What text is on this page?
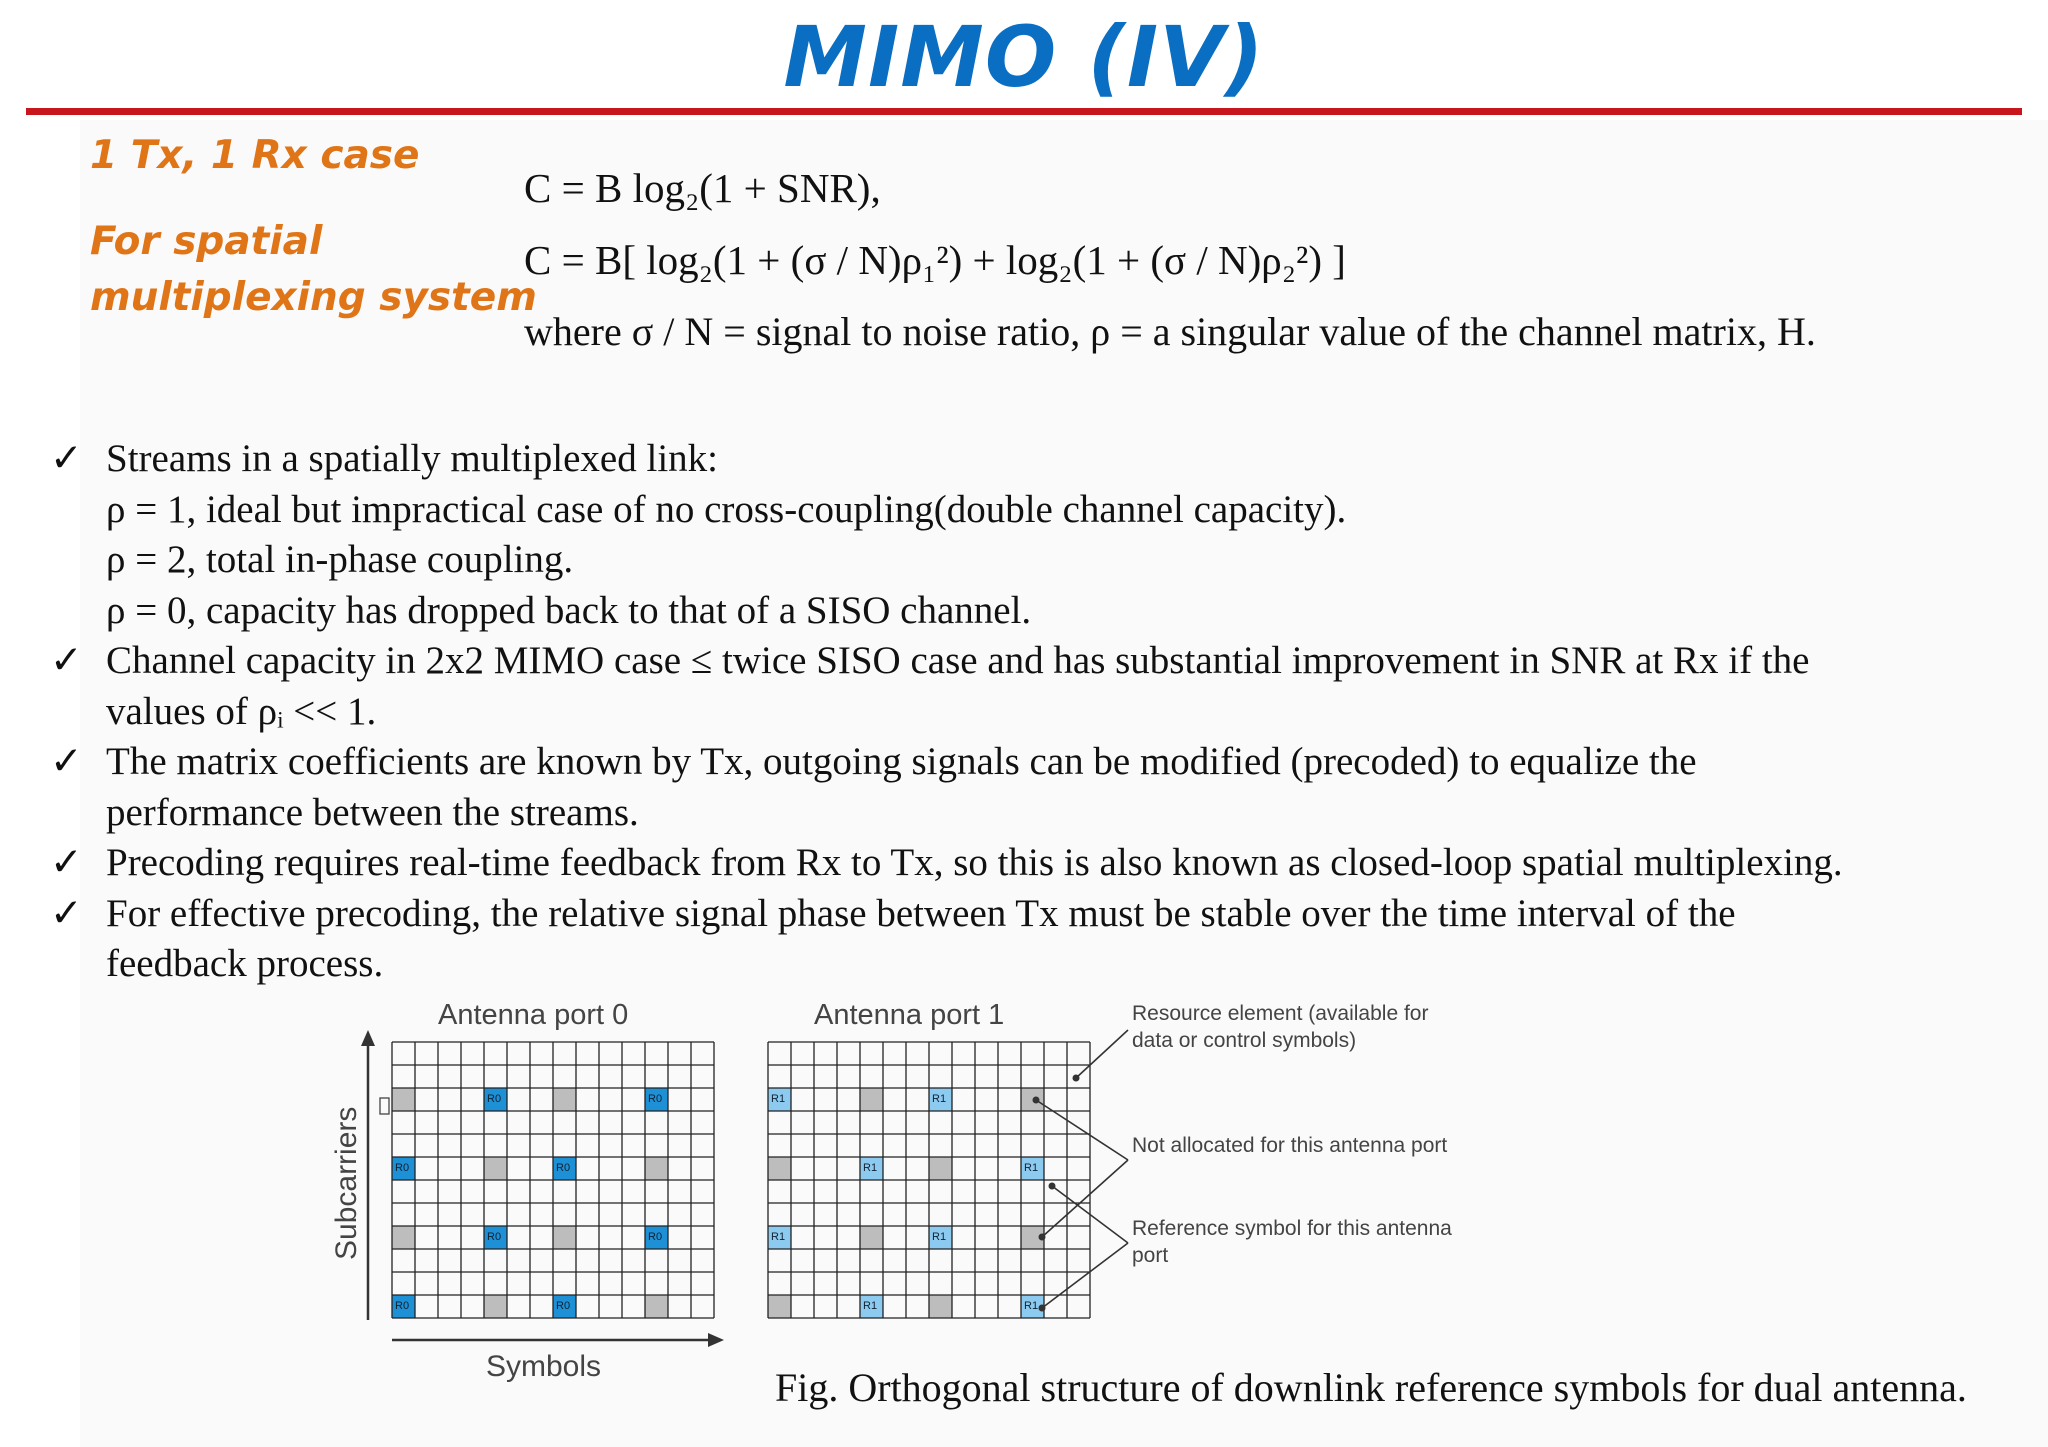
MIMO (IV)
1 Tx, 1 Rx case
For spatial
multiplexing system
C = B log₂(1 + SNR),
C = B[ log₂(1 + (σ / N)ρ₁²) + log₂(1 + (σ / N)ρ₂²) ]
where σ / N = signal to noise ratio, ρ = a singular value of the channel matrix, H.
✓ Streams in a spatially multiplexed link:
ρ = 1, ideal but impractical case of no cross-coupling(double channel capacity).
ρ = 2, total in-phase coupling.
ρ = 0, capacity has dropped back to that of a SISO channel.
✓ Channel capacity in 2x2 MIMO case ≤ twice SISO case and has substantial improvement in SNR at Rx if the
values of ρᵢ << 1.
✓ The matrix coefficients are known by Tx, outgoing signals can be modified (precoded) to equalize the
performance between the streams.
✓ Precoding requires real-time feedback from Rx to Tx, so this is also known as closed-loop spatial multiplexing.
✓ For effective precoding, the relative signal phase between Tx must be stable over the time interval of the
feedback process.
Antenna port 0
R0	R0
R0	R0
R0	R0
R0	R0
Antenna port 1
R1	R1
R1	R1
R1	R1
R1	R1
Subcarriers
Symbols
Resource element (available for
data or control symbols)
Not allocated for this antenna port
Reference symbol for this antenna
port
Fig. Orthogonal structure of downlink reference symbols for dual antenna.
